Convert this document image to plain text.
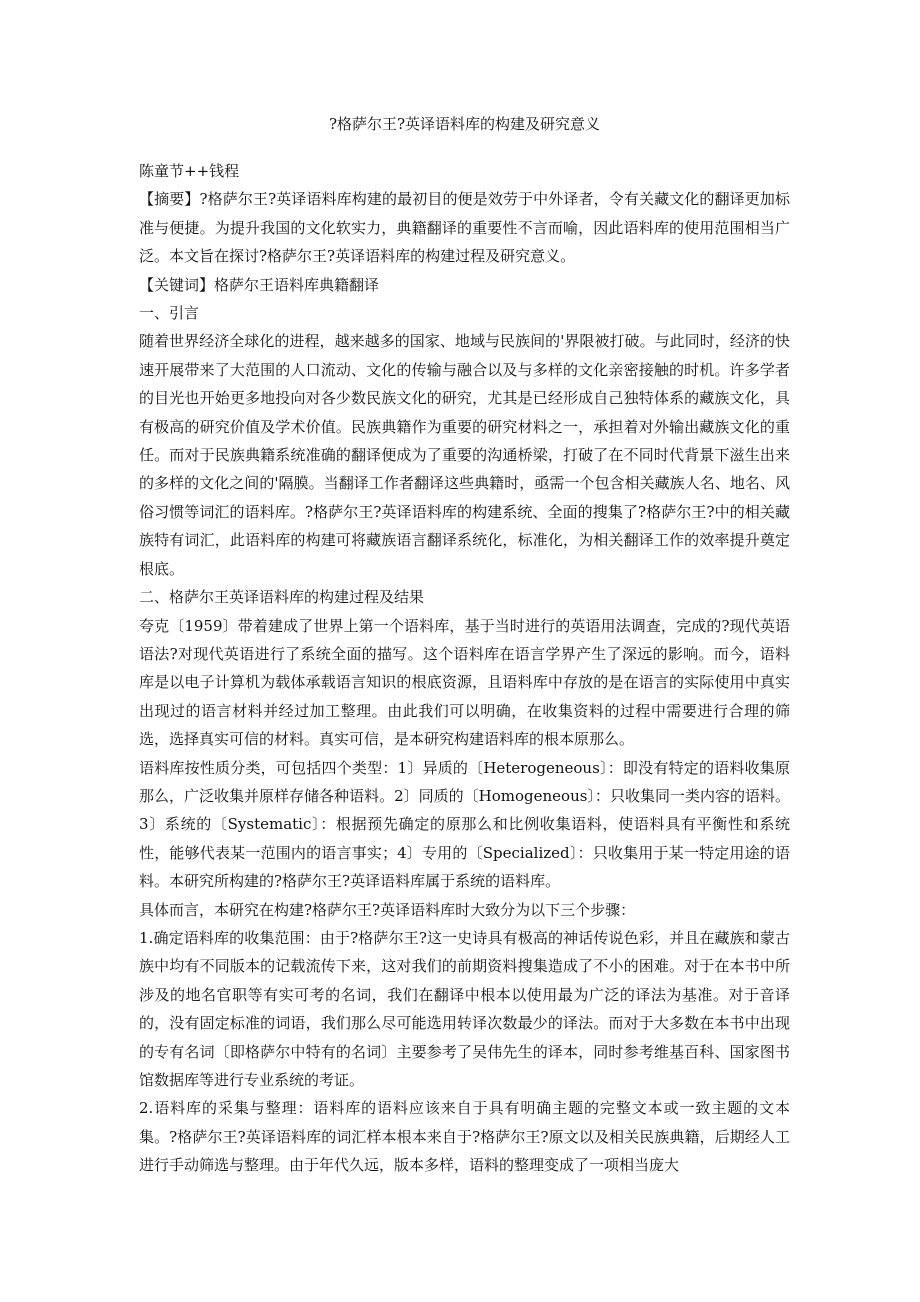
?格萨尔王?英译语料库的构建及研究意义

陈童节++钱程

【摘要】?格萨尔王?英译语料库构建的最初目的便是效劳于中外译者，令有关藏文化的翻译更加标准与便捷。为提升我国的文化软实力，典籍翻译的重要性不言而喻，因此语料库的使用范围相当广泛。本文旨在探讨?格萨尔王?英译语料库的构建过程及研究意义。

【关键词】格萨尔王语料库典籍翻译

一、引言

随着世界经济全球化的进程，越来越多的国家、地域与民族间的'界限被打破。与此同时，经济的快速开展带来了大范围的人口流动、文化的传输与融合以及与多样的文化亲密接触的时机。许多学者的目光也开始更多地投向对各少数民族文化的研究，尤其是已经形成自己独特体系的藏族文化，具有极高的研究价值及学术价值。民族典籍作为重要的研究材料之一，承担着对外输出藏族文化的重任。而对于民族典籍系统准确的翻译便成为了重要的沟通桥梁，打破了在不同时代背景下滋生出来的多样的文化之间的'隔膜。当翻译工作者翻译这些典籍时，亟需一个包含相关藏族人名、地名、风俗习惯等词汇的语料库。?格萨尔王?英译语料库的构建系统、全面的搜集了?格萨尔王?中的相关藏族特有词汇，此语料库的构建可将藏族语言翻译系统化，标准化，为相关翻译工作的效率提升奠定根底。

二、格萨尔王英译语料库的构建过程及结果

夸克〔1959〕带着建成了世界上第一个语料库，基于当时进行的英语用法调查，完成的?现代英语语法?对现代英语进行了系统全面的描写。这个语料库在语言学界产生了深远的影响。而今，语料库是以电子计算机为载体承载语言知识的根底资源，且语料库中存放的是在语言的实际使用中真实出现过的语言材料并经过加工整理。由此我们可以明确，在收集资料的过程中需要进行合理的筛选，选择真实可信的材料。真实可信，是本研究构建语料库的根本原那么。

语料库按性质分类，可包括四个类型：1〕异质的〔Heterogeneous〕：即没有特定的语料收集原那么，广泛收集并原样存储各种语料。2〕同质的〔Homogeneous〕：只收集同一类内容的语料。3〕系统的〔Systematic〕：根据预先确定的原那么和比例收集语料，使语料具有平衡性和系统性，能够代表某一范围内的语言事实；4〕专用的〔Specialized〕：只收集用于某一特定用途的语料。本研究所构建的?格萨尔王?英译语料库属于系统的语料库。

具体而言，本研究在构建?格萨尔王?英译语料库时大致分为以下三个步骤：

1.确定语料库的收集范围：由于?格萨尔王?这一史诗具有极高的神话传说色彩，并且在藏族和蒙古族中均有不同版本的记载流传下来，这对我们的前期资料搜集造成了不小的困难。对于在本书中所涉及的地名官职等有实可考的名词，我们在翻译中根本以使用最为广泛的译法为基准。对于音译的，没有固定标准的词语，我们那么尽可能选用转译次数最少的译法。而对于大多数在本书中出现的专有名词〔即格萨尔中特有的名词〕主要参考了吴伟先生的译本，同时参考维基百科、国家图书馆数据库等进行专业系统的考证。

2.语料库的采集与整理：语料库的语料应该来自于具有明确主题的完整文本或一致主题的文本集。?格萨尔王?英译语料库的词汇样本根本来自于?格萨尔王?原文以及相关民族典籍，后期经人工进行手动筛选与整理。由于年代久远，版本多样，语料的整理变成了一项相当庞大
